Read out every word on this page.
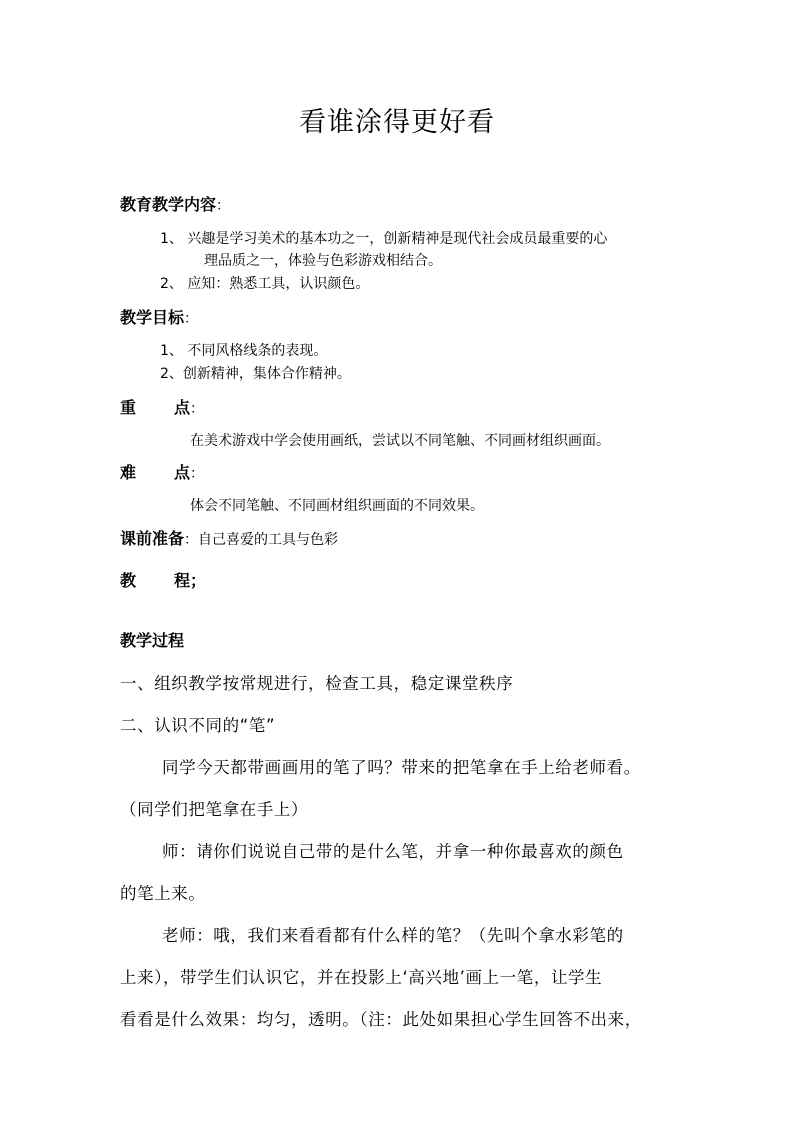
看谁涂得更好看
教育教学内容：
1、 兴趣是学习美术的基本功之一，创新精神是现代社会成员最重要的心
理品质之一，体验与色彩游戏相结合。
2、 应知：熟悉工具，认识颜色。
教学目标：
1、 不同风格线条的表现。
2、创新精神，集体合作精神。
重 点：
在美术游戏中学会使用画纸，尝试以不同笔触、不同画材组织画面。
难 点：
体会不同笔触、不同画材组织画面的不同效果。
课前准备：自己喜爱的工具与色彩
教 程；
教学过程
一、组织教学按常规进行，检查工具，稳定课堂秩序
二、认识不同的“笔”
同学今天都带画画用的笔了吗？带来的把笔拿在手上给老师看。
（同学们把笔拿在手上）
师：请你们说说自己带的是什么笔，并拿一种你最喜欢的颜色
的笔上来。
老师：哦，我们来看看都有什么样的笔？（先叫个拿水彩笔的
上来），带学生们认识它，并在投影上‘高兴地’画上一笔，让学生
看看是什么效果：均匀，透明。（注：此处如果担心学生回答不出来，
